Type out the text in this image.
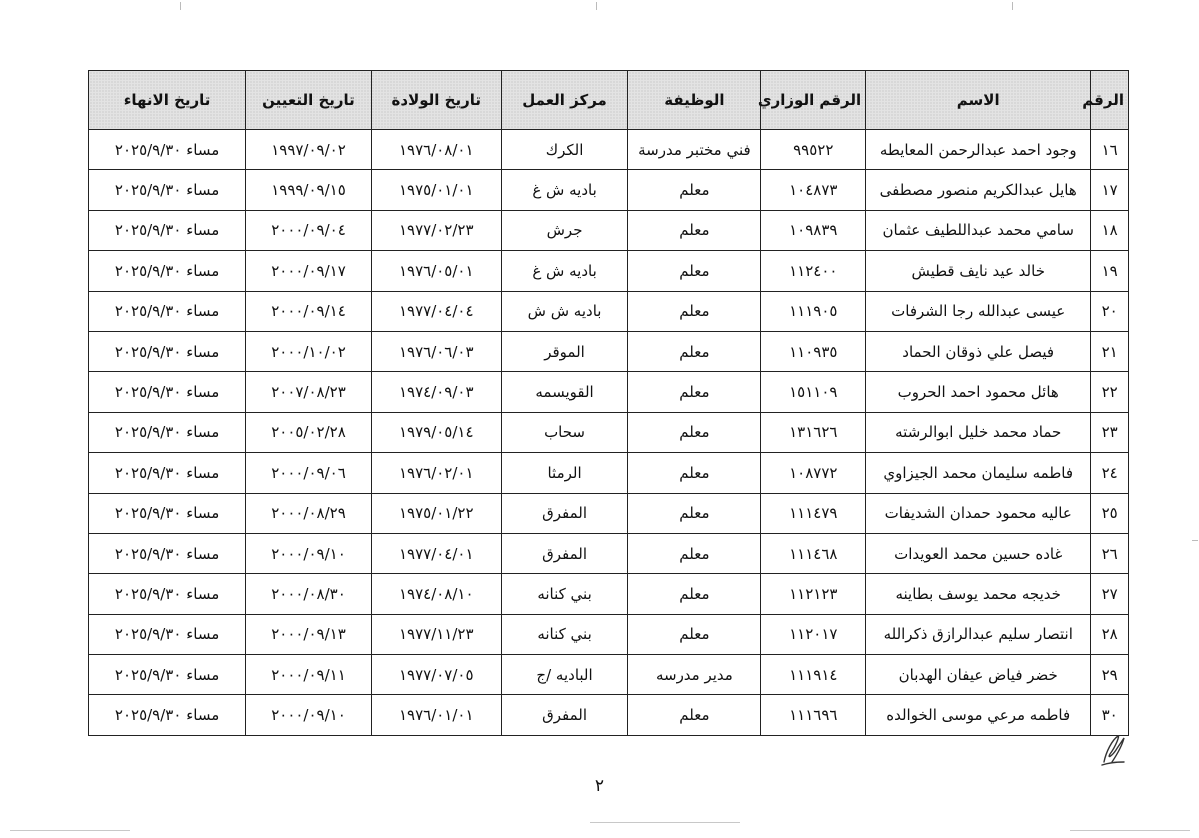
الرقم	الاسم	الرقم الوزاري	الوظيفة	مركز العمل	تاريخ الولادة	تاريخ التعيين	تاريخ الانهاء
١٦	وجود احمد عبدالرحمن المعايطه	٩٩٥٢٢	فني مختبر مدرسة	الكرك	١٩٧٦/٠٨/٠١	١٩٩٧/٠٩/٠٢	مساء ٢٠٢٥/٩/٣٠
١٧	هايل عبدالكريم منصور مصطفى	١٠٤٨٧٣	معلم	باديه ش غ	١٩٧٥/٠١/٠١	١٩٩٩/٠٩/١٥	مساء ٢٠٢٥/٩/٣٠
١٨	سامي محمد عبداللطيف عثمان	١٠٩٨٣٩	معلم	جرش	١٩٧٧/٠٢/٢٣	٢٠٠٠/٠٩/٠٤	مساء ٢٠٢٥/٩/٣٠
١٩	خالد عيد نايف قطيش	١١٢٤٠٠	معلم	باديه ش غ	١٩٧٦/٠٥/٠١	٢٠٠٠/٠٩/١٧	مساء ٢٠٢٥/٩/٣٠
٢٠	عيسى عبدالله رجا الشرفات	١١١٩٠٥	معلم	باديه ش ش	١٩٧٧/٠٤/٠٤	٢٠٠٠/٠٩/١٤	مساء ٢٠٢٥/٩/٣٠
٢١	فيصل علي ذوقان الحماد	١١٠٩٣٥	معلم	الموقر	١٩٧٦/٠٦/٠٣	٢٠٠٠/١٠/٠٢	مساء ٢٠٢٥/٩/٣٠
٢٢	هائل محمود احمد الحروب	١٥١١٠٩	معلم	القويسمه	١٩٧٤/٠٩/٠٣	٢٠٠٧/٠٨/٢٣	مساء ٢٠٢٥/٩/٣٠
٢٣	حماد محمد خليل ابوالرشته	١٣١٦٢٦	معلم	سحاب	١٩٧٩/٠٥/١٤	٢٠٠٥/٠٢/٢٨	مساء ٢٠٢٥/٩/٣٠
٢٤	فاطمه سليمان محمد الجيزاوي	١٠٨٧٧٢	معلم	الرمثا	١٩٧٦/٠٢/٠١	٢٠٠٠/٠٩/٠٦	مساء ٢٠٢٥/٩/٣٠
٢٥	عاليه محمود حمدان الشديفات	١١١٤٧٩	معلم	المفرق	١٩٧٥/٠١/٢٢	٢٠٠٠/٠٨/٢٩	مساء ٢٠٢٥/٩/٣٠
٢٦	غاده حسين محمد العويدات	١١١٤٦٨	معلم	المفرق	١٩٧٧/٠٤/٠١	٢٠٠٠/٠٩/١٠	مساء ٢٠٢٥/٩/٣٠
٢٧	خديجه محمد يوسف بطاينه	١١٢١٢٣	معلم	بني كنانه	١٩٧٤/٠٨/١٠	٢٠٠٠/٠٨/٣٠	مساء ٢٠٢٥/٩/٣٠
٢٨	انتصار سليم عبدالرازق ذكرالله	١١٢٠١٧	معلم	بني كنانه	١٩٧٧/١١/٢٣	٢٠٠٠/٠٩/١٣	مساء ٢٠٢٥/٩/٣٠
٢٩	خضر فياض عيفان الهدبان	١١١٩١٤	مدير مدرسه	الباديه /ج	١٩٧٧/٠٧/٠٥	٢٠٠٠/٠٩/١١	مساء ٢٠٢٥/٩/٣٠
٣٠	فاطمه مرعي موسى الخوالده	١١١٦٩٦	معلم	المفرق	١٩٧٦/٠١/٠١	٢٠٠٠/٠٩/١٠	مساء ٢٠٢٥/٩/٣٠
٢
